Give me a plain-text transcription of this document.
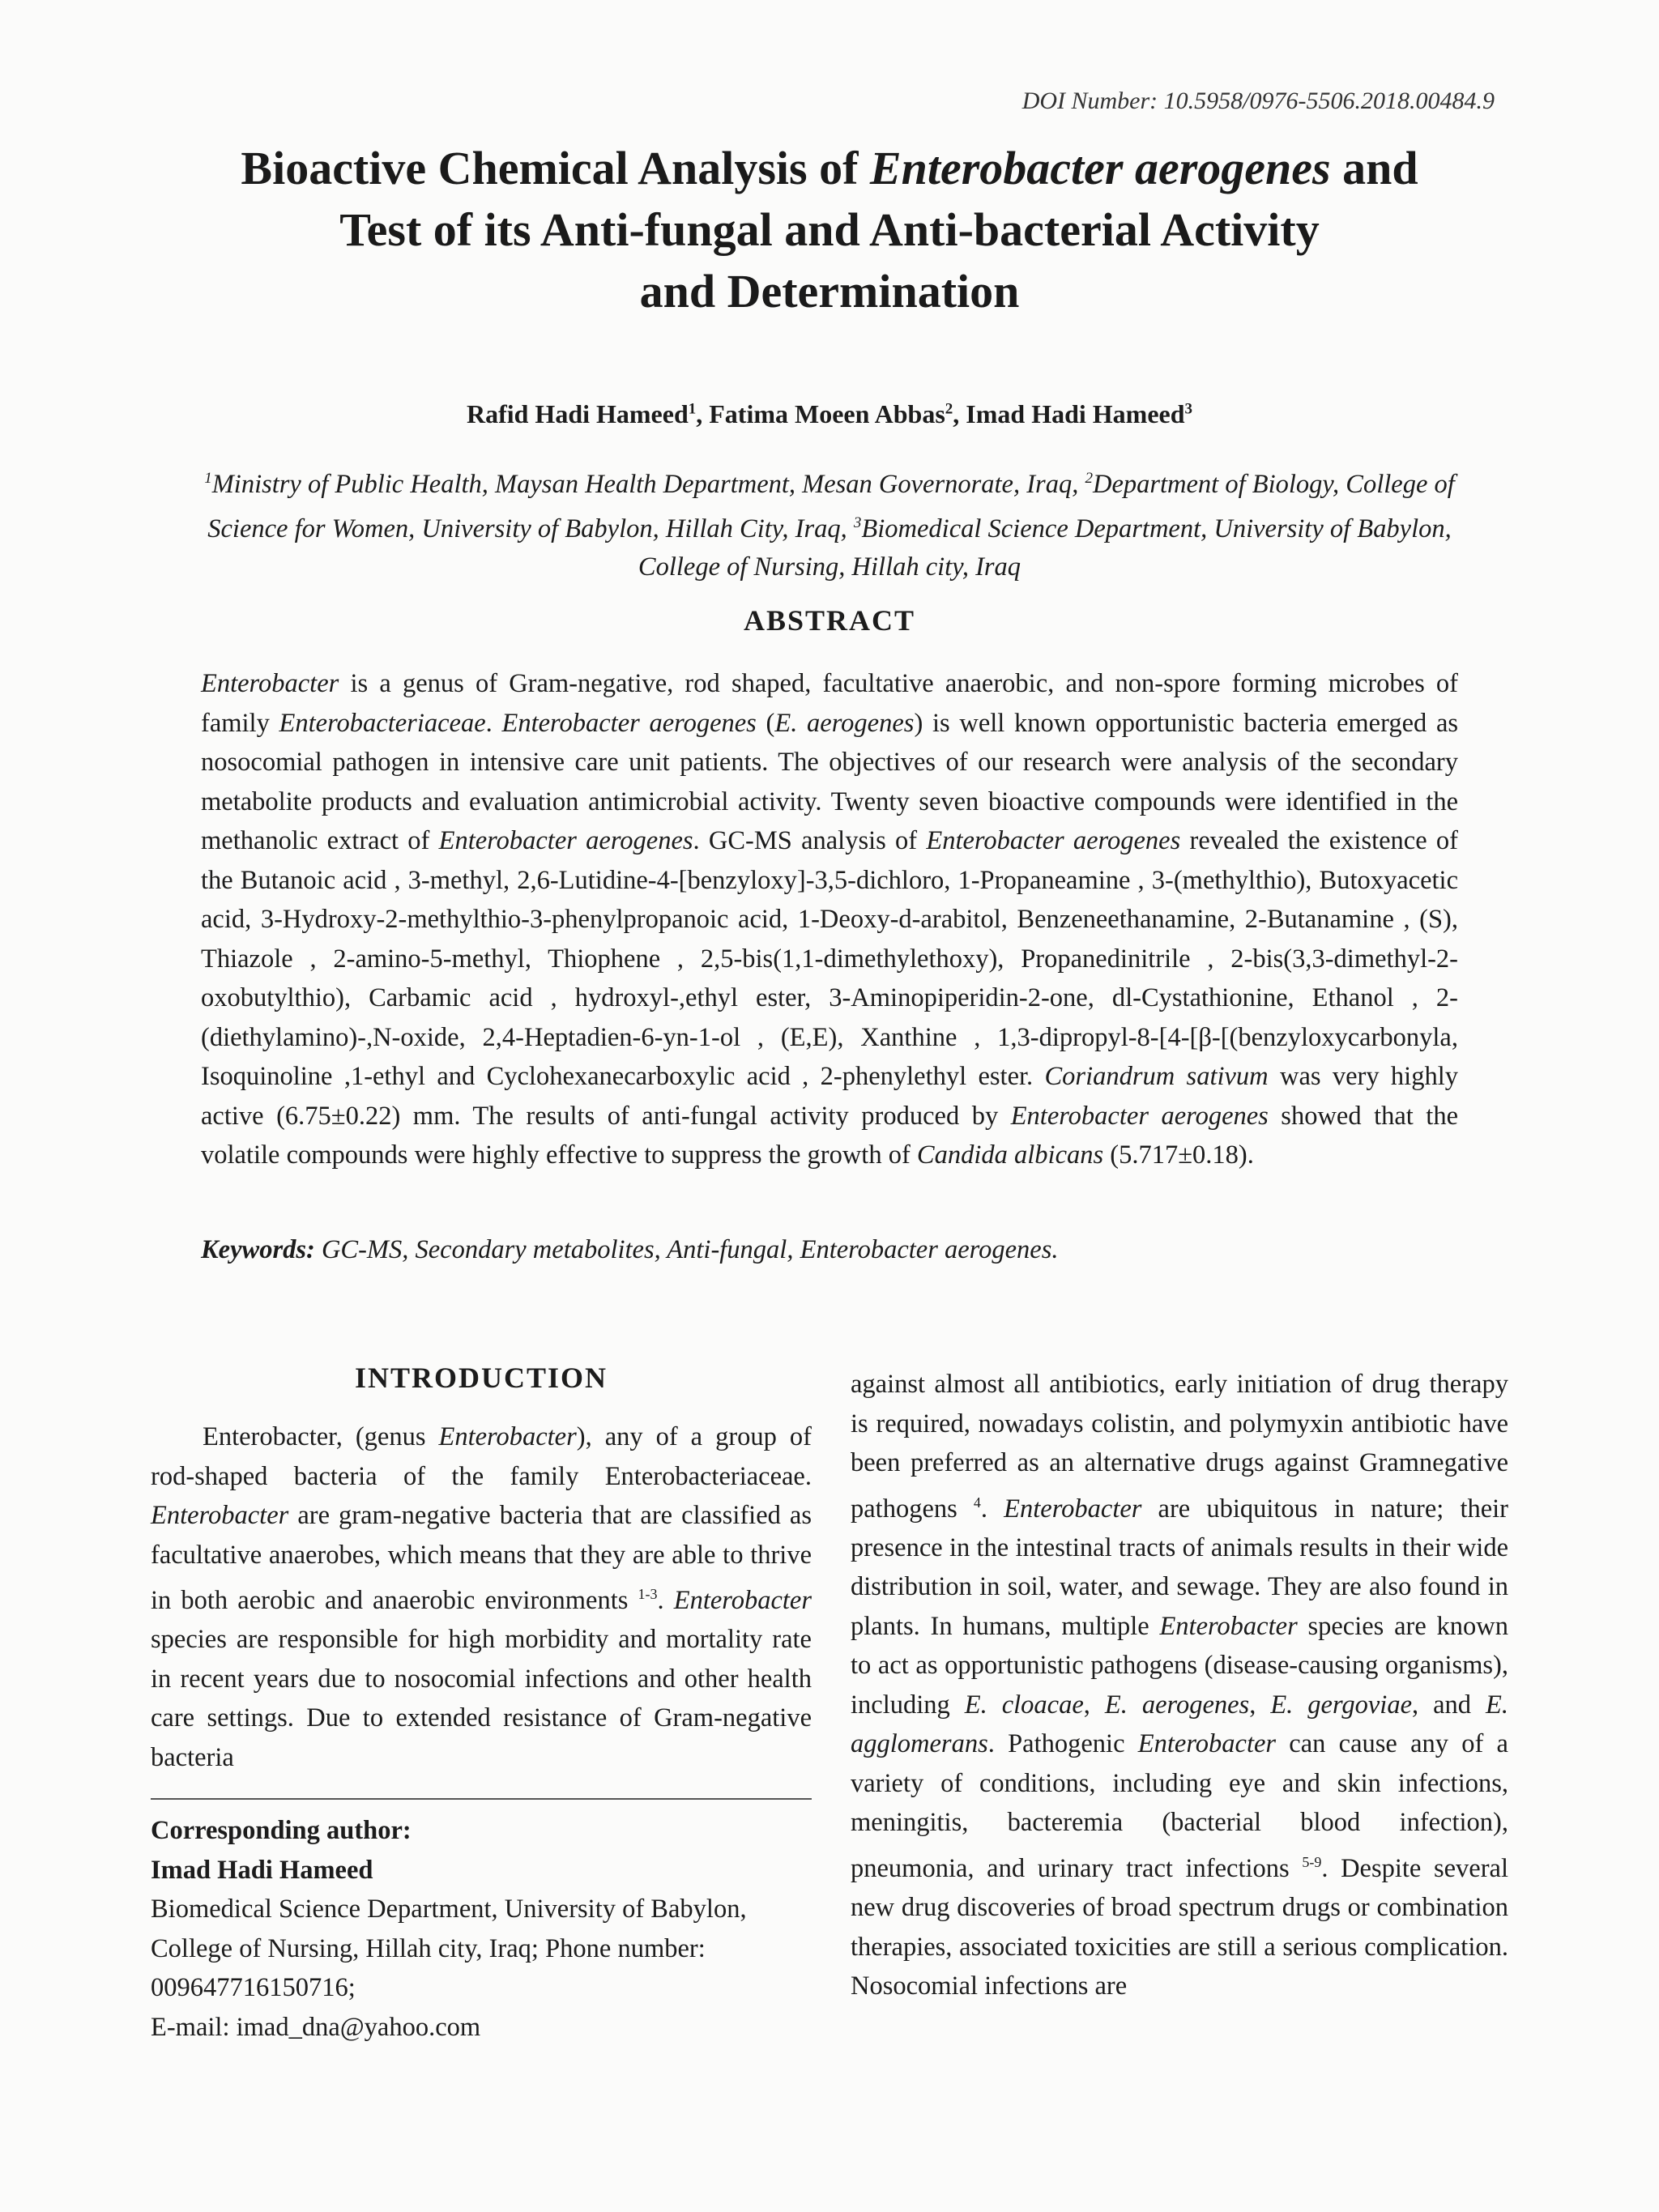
DOI Number: 10.5958/0976-5506.2018.00484.9
Bioactive Chemical Analysis of Enterobacter aerogenes and
Test of its Anti-fungal and Anti-bacterial Activity
and Determination
Rafid Hadi Hameed$^1$, Fatima Moeen Abbas$^2$, Imad Hadi Hameed$^3$
$^1$Ministry of Public Health, Maysan Health Department, Mesan Governorate, Iraq, $^2$Department of Biology, College of Science for Women, University of Babylon, Hillah City, Iraq, $^3$Biomedical Science Department, University of Babylon, College of Nursing, Hillah city, Iraq
ABSTRACT

Enterobacter is a genus of Gram-negative, rod shaped, facultative anaerobic, and non-spore forming microbes of family Enterobacteriaceae. Enterobacter aerogenes (E. aerogenes) is well known opportunistic bacteria emerged as nosocomial pathogen in intensive care unit patients. The objectives of our research were analysis of the secondary metabolite products and evaluation antimicrobial activity. Twenty seven bioactive compounds were identified in the methanolic extract of Enterobacter aerogenes. GC-MS analysis of Enterobacter aerogenes revealed the existence of the Butanoic acid , 3-methyl, 2,6-Lutidine-4-[benzyloxy]-3,5-dichloro, 1-Propaneamine , 3-(methylthio), Butoxyacetic acid, 3-Hydroxy-2-methylthio-3-phenylpropanoic acid, 1-Deoxy-d-arabitol, Benzeneethanamine, 2-Butanamine , (S), Thiazole , 2-amino-5-methyl, Thiophene , 2,5-bis(1,1-dimethylethoxy), Propanedinitrile , 2-bis(3,3-dimethyl-2-oxobutylthio), Carbamic acid , hydroxyl-,ethyl ester, 3-Aminopiperidin-2-one, dl-Cystathionine, Ethanol , 2-(diethylamino)-,N-oxide, 2,4-Heptadien-6-yn-1-ol , (E,E), Xanthine , 1,3-dipropyl-8-[4-[β-[(benzyloxycarbonyla, Isoquinoline ,1-ethyl and Cyclohexanecarboxylic acid , 2-phenylethyl ester. Coriandrum sativum was very highly active (6.75±0.22) mm. The results of anti-fungal activity produced by Enterobacter aerogenes showed that the volatile compounds were highly effective to suppress the growth of Candida albicans (5.717±0.18).

Keywords: GC-MS, Secondary metabolites, Anti-fungal, Enterobacter aerogenes.
INTRODUCTION

Enterobacter, (genus Enterobacter), any of a group of rod-shaped bacteria of the family Enterobacteriaceae. Enterobacter are gram-negative bacteria that are classified as facultative anaerobes, which means that they are able to thrive in both aerobic and anaerobic environments $^{1-3}$. Enterobacter species are responsible for high morbidity and mortality rate in recent years due to nosocomial infections and other health care settings. Due to extended resistance of Gram-negative bacteria

Corresponding author:
Imad Hadi Hameed
Biomedical Science Department, University of Babylon, College of Nursing, Hillah city, Iraq; Phone number: 009647716150716;
E-mail: imad_dna@yahoo.com

against almost all antibiotics, early initiation of drug therapy is required, nowadays colistin, and polymyxin antibiotic have been preferred as an alternative drugs against Gramnegative pathogens $^4$. Enterobacter are ubiquitous in nature; their presence in the intestinal tracts of animals results in their wide distribution in soil, water, and sewage. They are also found in plants. In humans, multiple Enterobacter species are known to act as opportunistic pathogens (disease-causing organisms), including E. cloacae, E. aerogenes, E. gergoviae, and E. agglomerans. Pathogenic Enterobacter can cause any of a variety of conditions, including eye and skin infections, meningitis, bacteremia (bacterial blood infection), pneumonia, and urinary tract infections $^{5-9}$. Despite several new drug discoveries of broad spectrum drugs or combination therapies, associated toxicities are still a serious complication. Nosocomial infections are
